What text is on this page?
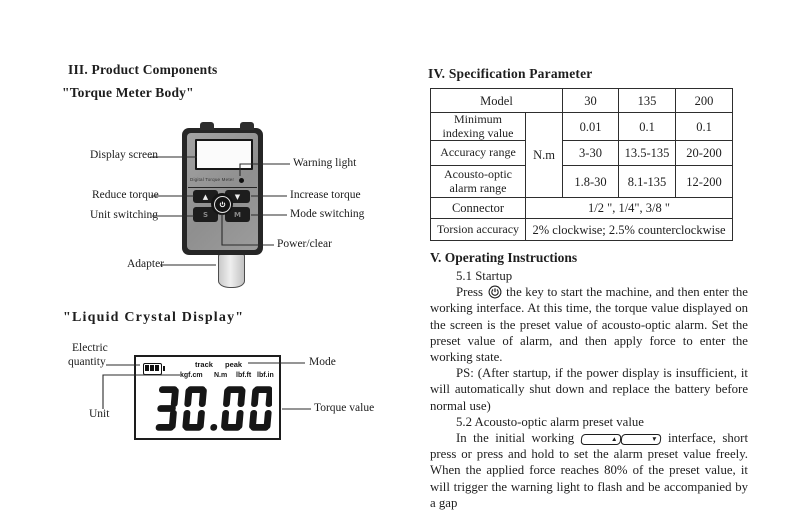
III. Product Components
"Torque Meter Body"
Digital Torque Meter
▲	▼
S	M
Display screen
Reduce torque
Unit switching
Adapter
Warning light
Increase torque
Mode switching
Power/clear
"Liquid Crystal Display"
track peak
kgf.cm N.m lbf.ft lbf.in
Electric
quantity
Unit
Mode
Torque value
IV. Specification Parameter
Model		30	135	200
Minimum indexing value	N.m	0.01	0.1	0.1
Accuracy range		3-30	13.5-135	20-200
Acousto-optic alarm range		1.8-30	8.1-135	12-200
Connector	1/2 ", 1/4", 3/8 "			
Torsion accuracy	2% clockwise; 2.5% counterclockwise			
V. Operating Instructions

5.1 Startup

Press the key to start the machine, and then enter the working interface. At this time, the torque value displayed on the screen is the preset value of acousto-optic alarm. Set the preset value of alarm, and then apply force to enter the working state.

PS: (After startup, if the power display is insufficient, it will automatically shut down and replace the battery before normal use)

5.2 Acousto-optic alarm preset value

In the initial working	▲	▼ interface, short press or press and hold to set the alarm preset value freely. When the applied force reaches 80% of the preset value, it will trigger the warning light to flash and be accompanied by a gap
